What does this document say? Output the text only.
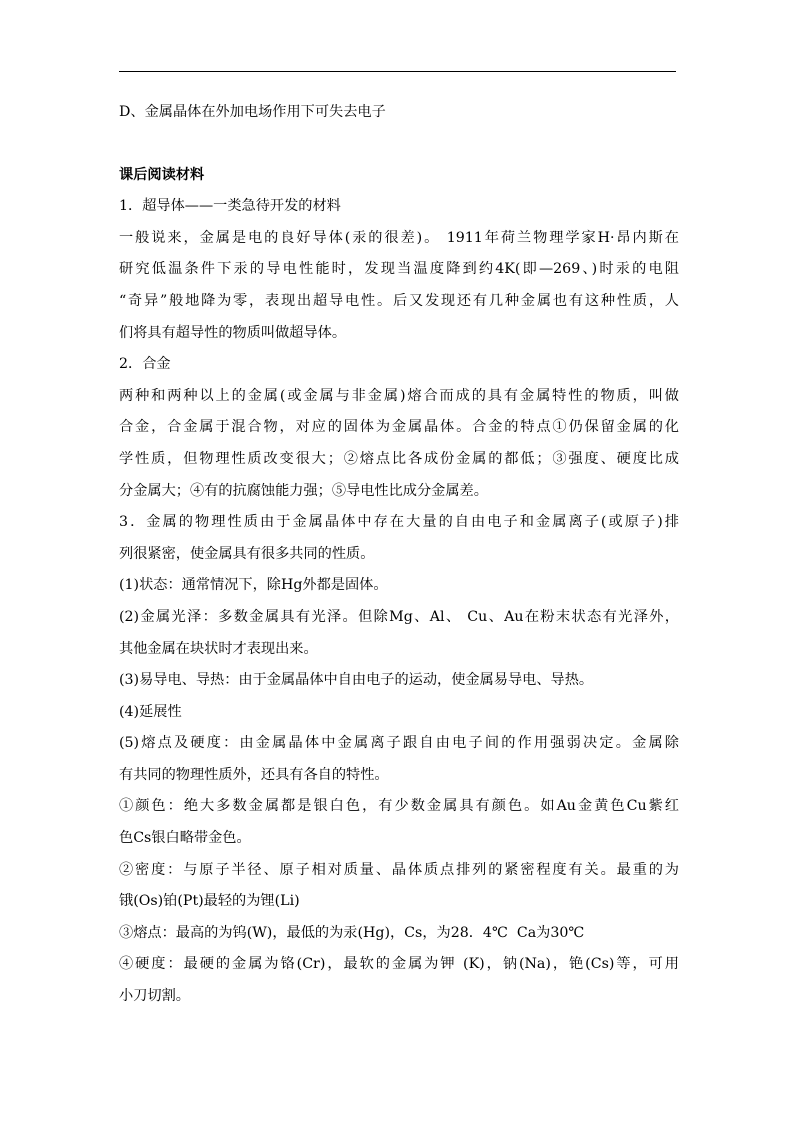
D、金属晶体在外加电场作用下可失去电子
课后阅读材料
1．超导体——一类急待开发的材料
一般说来，金属是电的良好导体(汞的很差)。 1911年荷兰物理学家H·昂内斯在
研究低温条件下汞的导电性能时，发现当温度降到约4K(即—269、)时汞的电阻
“奇异”般地降为零，表现出超导电性。后又发现还有几种金属也有这种性质，人
们将具有超导性的物质叫做超导体。
2．合金
两种和两种以上的金属(或金属与非金属)熔合而成的具有金属特性的物质，叫做
合金，合金属于混合物，对应的固体为金属晶体。合金的特点①仍保留金属的化
学性质，但物理性质改变很大；②熔点比各成份金属的都低；③强度、硬度比成
分金属大；④有的抗腐蚀能力强；⑤导电性比成分金属差。
3．金属的物理性质由于金属晶体中存在大量的自由电子和金属离子(或原子)排
列很紧密，使金属具有很多共同的性质。
(1)状态：通常情况下，除Hg外都是固体。
(2)金属光泽：多数金属具有光泽。但除Mg、Al、 Cu、Au在粉末状态有光泽外，
其他金属在块状时才表现出来。
(3)易导电、导热：由于金属晶体中自由电子的运动，使金属易导电、导热。
(4)延展性
(5)熔点及硬度：由金属晶体中金属离子跟自由电子间的作用强弱决定。金属除
有共同的物理性质外，还具有各自的特性。
①颜色：绝大多数金属都是银白色，有少数金属具有颜色。如Au金黄色Cu紫红
色Cs银白略带金色。
②密度：与原子半径、原子相对质量、晶体质点排列的紧密程度有关。最重的为
锇(Os)铂(Pt)最轻的为锂(Li)
③熔点：最高的为钨(W)，最低的为汞(Hg)，Cs，为28．4℃  Ca为30℃
④硬度：最硬的金属为铬(Cr)，最软的金属为钾 (K)，钠(Na)，铯(Cs)等，可用
小刀切割。
